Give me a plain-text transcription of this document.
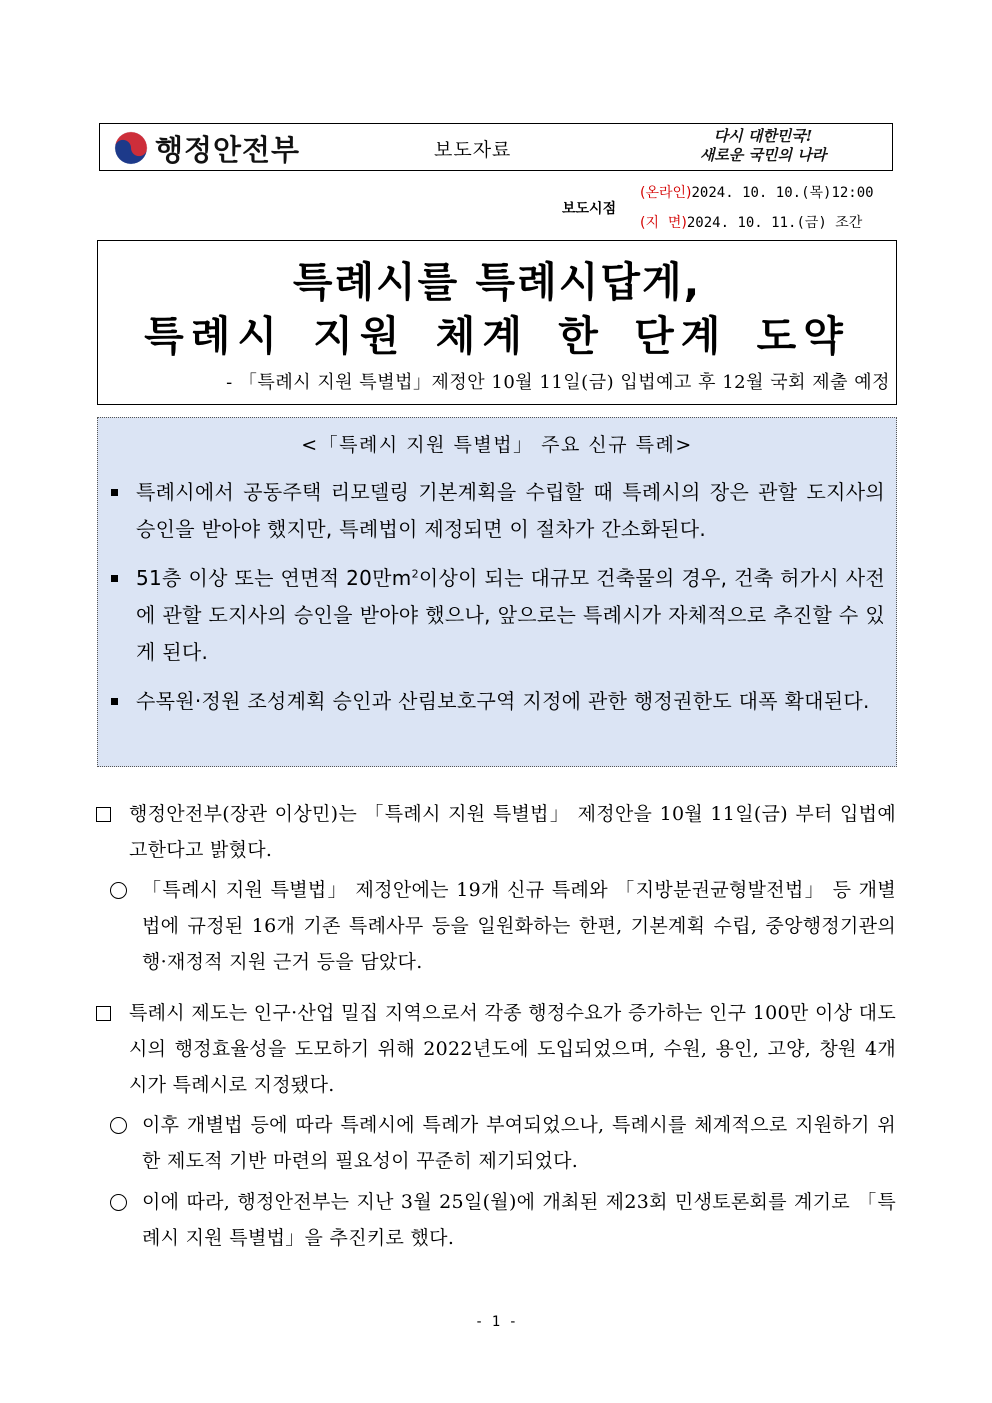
행정안전부	보도자료
다시 대한민국!
새로운 국민의 나라
보도시점
(온라인)2024. 10. 10.(목)12:00
(지  면)2024. 10. 11.(금) 조간
특례시를 특례시답게,
특례시 지원 체계 한 단계 도약
- 「특례시 지원 특별법」제정안 10월 11일(금) 입법예고 후 12월 국회 제출 예정
<「특례시 지원 특별법」 주요 신규 특례>
특례시에서 공동주택 리모델링 기본계획을 수립할 때 특례시의 장은 관할 도지사의 승인을 받아야 했지만, 특례법이 제정되면 이 절차가 간소화된다.
51층 이상 또는 연면적 20만$m^2$이상이 되는 대규모 건축물의 경우, 건축 허가시 사전에 관할 도지사의 승인을 받아야 했으나, 앞으로는 특례시가 자체적으로 추진할 수 있게 된다.
수목원·정원 조성계획 승인과 산림보호구역 지정에 관한 행정권한도 대폭 확대된다.
행정안전부(장관 이상민)는 「특례시 지원 특별법」 제정안을 10월 11일(금) 부터 입법예고한다고 밝혔다.
「특례시 지원 특별법」 제정안에는 19개 신규 특례와 「지방분권균형발전법」 등 개별법에 규정된 16개 기존 특례사무 등을 일원화하는 한편, 기본계획 수립, 중앙행정기관의 행·재정적 지원 근거 등을 담았다.
특례시 제도는 인구·산업 밀집 지역으로서 각종 행정수요가 증가하는 인구 100만 이상 대도시의 행정효율성을 도모하기 위해 2022년도에 도입되었으며, 수원, 용인, 고양, 창원 4개 시가 특례시로 지정됐다.
이후 개별법 등에 따라 특례시에 특례가 부여되었으나, 특례시를 체계적으로 지원하기 위한 제도적 기반 마련의 필요성이 꾸준히 제기되었다.
이에 따라, 행정안전부는 지난 3월 25일(월)에 개최된 제23회 민생토론회를 계기로 「특례시 지원 특별법」을 추진키로 했다.
- 1 -
